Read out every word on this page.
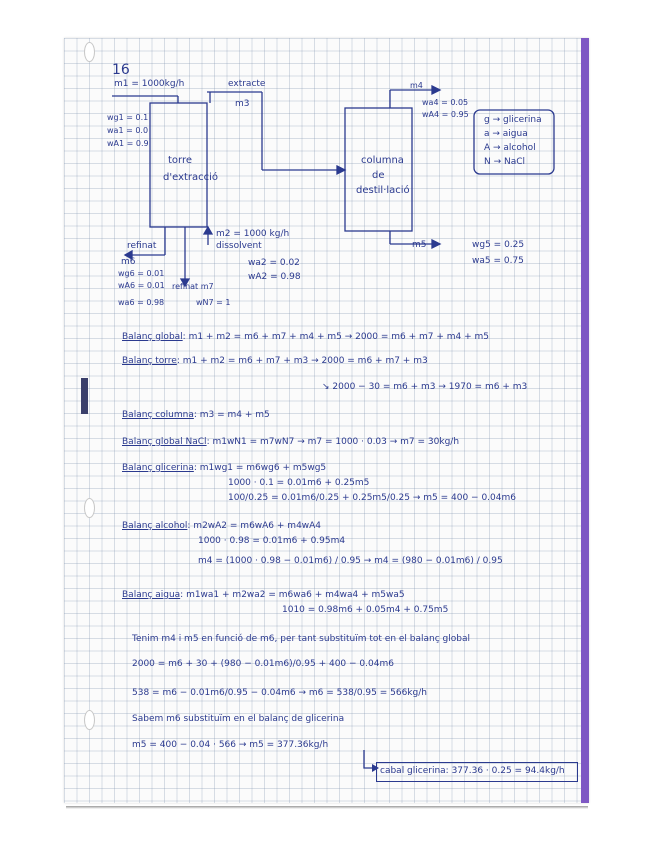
16
m1 = 1000kg/h
wg1 = 0.1
wa1 = 0.0
wA1 = 0.9
torre
d'extracció
extracte
m3
columna
de
destil·lació
m4
wa4 = 0.05
wA4 = 0.95
m5	wg5 = 0.25
wa5 = 0.75
g → glicerina
a → aigua
A → alcohol
N → NaCl
m2 = 1000 kg/h
dissolvent
wa2 = 0.02
wA2 = 0.98
refinat
m6
wg6 = 0.01
wA6 = 0.01
wa6 = 0.98	wN7 = 1
refinat m7
Balanç global: m1 + m2 = m6 + m7 + m4 + m5 → 2000 = m6 + m7 + m4 + m5
Balanç torre: m1 + m2 = m6 + m7 + m3 → 2000 = m6 + m7 + m3
↘ 2000 − 30 = m6 + m3 → 1970 = m6 + m3
Balanç columna: m3 = m4 + m5
Balanç global NaCl: m1wN1 = m7wN7 → m7 = 1000 · 0.03 → m7 = 30kg/h
Balanç glicerina: m1wg1 = m6wg6 + m5wg5
1000 · 0.1 = 0.01m6 + 0.25m5
100/0.25 = 0.01m6/0.25 + 0.25m5/0.25 → m5 = 400 − 0.04m6
Balanç alcohol: m2wA2 = m6wA6 + m4wA4
1000 · 0.98 = 0.01m6 + 0.95m4
m4 = (1000 · 0.98 − 0.01m6) / 0.95 → m4 = (980 − 0.01m6) / 0.95
Balanç aigua: m1wa1 + m2wa2 = m6wa6 + m4wa4 + m5wa5
1010 = 0.98m6 + 0.05m4 + 0.75m5
Tenim m4 i m5 en funció de m6, per tant substituïm tot en el balanç global
2000 = m6 + 30 + (980 − 0.01m6)/0.95 + 400 − 0.04m6
538 = m6 − 0.01m6/0.95 − 0.04m6 → m6 = 538/0.95 = 566kg/h
Sabem m6 substituïm en el balanç de glicerina
m5 = 400 − 0.04 · 566 → m5 = 377.36kg/h
cabal glicerina: 377.36 · 0.25 = 94.4kg/h
